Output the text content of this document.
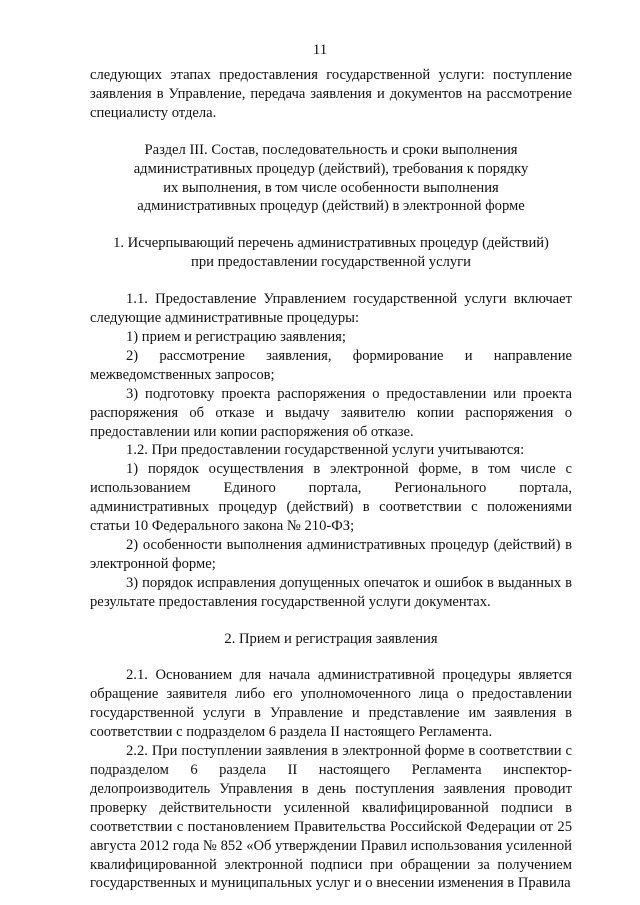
11

следующих этапах предоставления государственной услуги: поступление заявления в Управление, передача заявления и документов на рассмотрение специалисту отдела.

Раздел III. Состав, последовательность и сроки выполнения

административных процедур (действий), требования к порядку

их выполнения, в том числе особенности выполнения

административных процедур (действий) в электронной форме

1. Исчерпывающий перечень административных процедур (действий)

при предоставлении государственной услуги

1.1. Предоставление Управлением государственной услуги включает следующие административные процедуры:

1) прием и регистрацию заявления;

2) рассмотрение заявления, формирование и направление межведомственных запросов;

3) подготовку проекта распоряжения о предоставлении или проекта распоряжения об отказе и выдачу заявителю копии распоряжения о предоставлении или копии распоряжения об отказе.

1.2. При предоставлении государственной услуги учитываются:

1) порядок осуществления в электронной форме, в том числе с использованием Единого портала, Регионального портала, административных процедур (действий) в соответствии с положениями статьи 10 Федерального закона № 210-ФЗ;

2) особенности выполнения административных процедур (действий) в электронной форме;

3) порядок исправления допущенных опечаток и ошибок в выданных в результате предоставления государственной услуги документах.

2. Прием и регистрация заявления

2.1. Основанием для начала административной процедуры является обращение заявителя либо его уполномоченного лица о предоставлении государственной услуги в Управление и представление им заявления в соответствии с подразделом 6 раздела II настоящего Регламента.

2.2. При поступлении заявления в электронной форме в соответствии с подразделом 6 раздела II настоящего Регламента инспектор-делопроизводитель Управления в день поступления заявления проводит проверку действительности усиленной квалифицированной подписи в соответствии с постановлением Правительства Российской Федерации от 25 августа 2012 года № 852 «Об утверждении Правил использования усиленной квалифицированной электронной подписи при обращении за получением государственных и муниципальных услуг и о внесении изменения в Правила
